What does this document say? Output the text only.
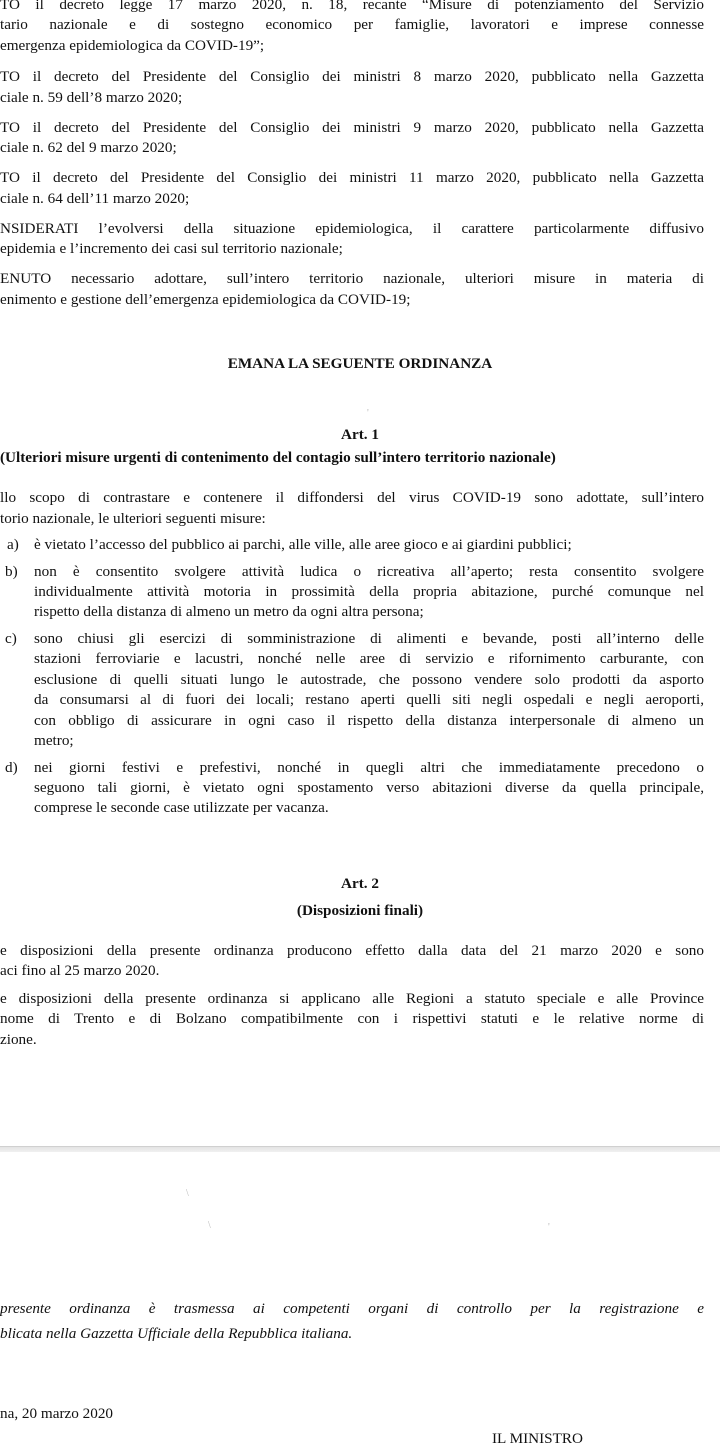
TO il decreto legge 17 marzo 2020, n. 18, recante “Misure di potenziamento del Servizio
tario nazionale e di sostegno economico per famiglie, lavoratori e imprese connesse
emergenza epidemiologica da COVID-19”;
TO il decreto del Presidente del Consiglio dei ministri 8 marzo 2020, pubblicato nella Gazzetta
ciale n. 59 dell’8 marzo 2020;
TO il decreto del Presidente del Consiglio dei ministri 9 marzo 2020, pubblicato nella Gazzetta
ciale n. 62 del 9 marzo 2020;
TO il decreto del Presidente del Consiglio dei ministri 11 marzo 2020, pubblicato nella Gazzetta
ciale n. 64 dell’11 marzo 2020;
NSIDERATI l’evolversi della situazione epidemiologica, il carattere particolarmente diffusivo
epidemia e l’incremento dei casi sul territorio nazionale;
ENUTO necessario adottare, sull’intero territorio nazionale, ulteriori misure in materia di
enimento e gestione dell’emergenza epidemiologica da COVID-19;
EMANA LA SEGUENTE ORDINANZA
'
Art. 1
(Ulteriori misure urgenti di contenimento del contagio sull’intero territorio nazionale)
llo scopo di contrastare e contenere il diffondersi del virus COVID-19 sono adottate, sull’intero
torio nazionale, le ulteriori seguenti misure:
a) è vietato l’accesso del pubblico ai parchi, alle ville, alle aree gioco e ai giardini pubblici;
b) non è consentito svolgere attività ludica o ricreativa all’aperto; resta consentito svolgere
individualmente attività motoria in prossimità della propria abitazione, purché comunque nel
rispetto della distanza di almeno un metro da ogni altra persona;
c) sono chiusi gli esercizi di somministrazione di alimenti e bevande, posti all’interno delle
stazioni ferroviarie e lacustri, nonché nelle aree di servizio e rifornimento carburante, con
esclusione di quelli situati lungo le autostrade, che possono vendere solo prodotti da asporto
da consumarsi al di fuori dei locali; restano aperti quelli siti negli ospedali e negli aeroporti,
con obbligo di assicurare in ogni caso il rispetto della distanza interpersonale di almeno un
metro;
d) nei giorni festivi e prefestivi, nonché in quegli altri che immediatamente precedono o
seguono tali giorni, è vietato ogni spostamento verso abitazioni diverse da quella principale,
comprese le seconde case utilizzate per vacanza.
Art. 2
(Disposizioni finali)
e disposizioni della presente ordinanza producono effetto dalla data del 21 marzo 2020 e sono
aci fino al 25 marzo 2020.
e disposizioni della presente ordinanza si applicano alle Regioni a statuto speciale e alle Province
nome di Trento e di Bolzano compatibilmente con i rispettivi statuti e le relative norme di
zione.
\
\	'
presente ordinanza è trasmessa ai competenti organi di controllo per la registrazione e
blicata nella Gazzetta Ufficiale della Repubblica italiana.
na, 20 marzo 2020
IL MINISTRO
